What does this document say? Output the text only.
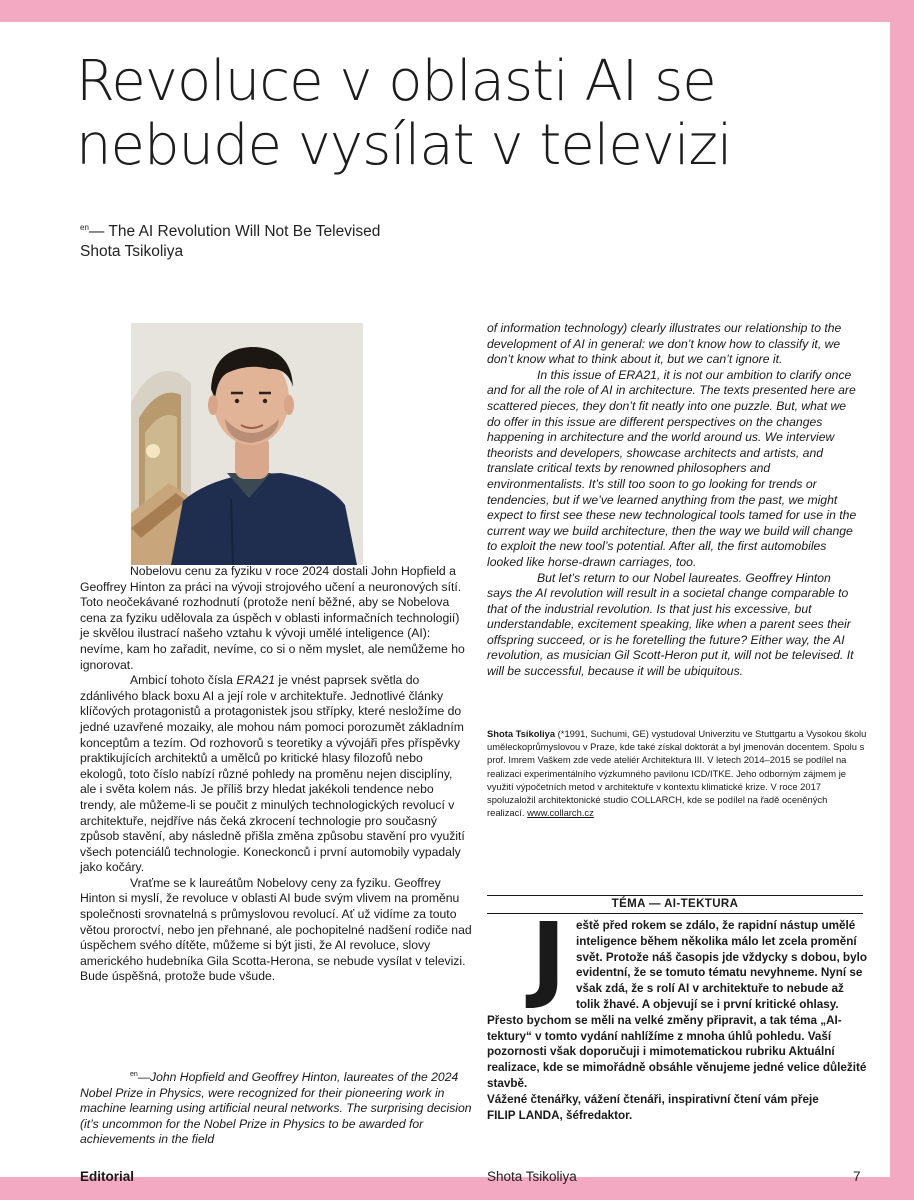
Revoluce v oblasti AI se
nebude vysílat v televizi
$^{en}$— The AI Revolution Will Not Be Televised
Shota Tsikoliya

Nobelovu cenu za fyziku v roce 2024 dostali John Hopfield a Geoffrey Hinton za práci na vývoji strojového učení a neuronových sítí. Toto neočekávané rozhodnutí (protože není běžné, aby se Nobelova cena za fyziku udělovala za úspěch v oblasti informačních technologií) je skvělou ilustrací našeho vztahu k vývoji umělé inteligence (AI): nevíme, kam ho zařadit, nevíme, co si o něm myslet, ale nemůžeme ho ignorovat.

Ambicí tohoto čísla ERA21 je vnést paprsek světla do zdánlivého black boxu AI a její role v architektuře. Jednotlivé články klíčových protagonistů a protagonistek jsou střípky, které nesložíme do jedné uzavřené mozaiky, ale mohou nám pomoci porozumět základním konceptům a tezím. Od rozhovorů s teoretiky a vývojáři přes příspěvky praktikujících architektů a umělců po kritické hlasy filozofů nebo ekologů, toto číslo nabízí různé pohledy na proměnu nejen disciplíny, ale i světa kolem nás. Je příliš brzy hledat jakékoli tendence nebo trendy, ale můžeme-li se poučit z minulých technologických revolucí v architektuře, nejdříve nás čeká zkrocení technologie pro současný způsob stavění, aby následně přišla změna způsobu stavění pro využití všech potenciálů technologie. Koneckonců i první automobily vypadaly jako kočáry.

Vraťme se k laureátům Nobelovy ceny za fyziku. Geoffrey Hinton si myslí, že revoluce v oblasti AI bude svým vlivem na proměnu společnosti srovnatelná s průmyslovou revolucí. Ať už vidíme za touto větou proroctví, nebo jen přehnané, ale pochopitelné nadšení rodiče nad úspěchem svého dítěte, můžeme si být jisti, že AI revoluce, slovy amerického hudebníka Gila Scotta-Herona, se nebude vysílat v televizi. Bude úspěšná, protože bude všude.

$^{en}$—John Hopfield and Geoffrey Hinton, laureates of the 2024 Nobel Prize in Physics, were recognized for their pioneering work in machine learning using artificial neural networks. The surprising decision (it’s uncommon for the Nobel Prize in Physics to be awarded for achievements in the field

of information technology) clearly illustrates our relationship to the development of AI in general: we don’t know how to classify it, we don’t know what to think about it, but we can’t ignore it.

In this issue of ERA21, it is not our ambition to clarify once and for all the role of AI in architecture. The texts presented here are scattered pieces, they don’t fit neatly into one puzzle. But, what we do offer in this issue are different perspectives on the changes happening in architecture and the world around us. We interview theorists and developers, showcase architects and artists, and translate critical texts by renowned philosophers and environmentalists. It’s still too soon to go looking for trends or tendencies, but if we’ve learned anything from the past, we might expect to first see these new technological tools tamed for use in the current way we build architecture, then the way we build will change to exploit the new tool’s potential. After all, the first automobiles looked like horse-drawn carriages, too.

But let’s return to our Nobel laureates. Geoffrey Hinton says the AI revolution will result in a societal change comparable to that of the industrial revolution. Is that just his excessive, but understandable, excitement speaking, like when a parent sees their offspring succeed, or is he foretelling the future? Either way, the AI revolution, as musician Gil Scott-Heron put it, will not be televised. It will be successful, because it will be ubiquitous.

Shota Tsikoliya (*1991, Suchumi, GE) vystudoval Univerzitu ve Stuttgartu a Vysokou školu uměleckoprůmyslovou v Praze, kde také získal doktorát a byl jmenován docentem. Spolu s prof. Imrem Vaškem zde vede ateliér Architektura III. V letech 2014–2015 se podílel na realizaci experimentálního výzkumného pavilonu ICD/ITKE. Jeho odborným zájmem je využití výpočetních metod v architektuře v kontextu klimatické krize. V roce 2017 spoluzaložil architektonické studio COLLARCH, kde se podílel na řadě oceněných realizací. www.collarch.cz
TÉMA — AI-TEKTURA
J eště před rokem se zdálo, že rapidní nástup umělé inteligence během několika málo let zcela promění svět. Protože náš časopis jde vždycky s dobou, bylo evidentní, že se tomuto tématu nevyhneme. Nyní se však zdá, že s rolí AI v architektuře to nebude až tolik žhavé. A objevují se i první kritické ohlasy. Přesto bychom se měli na velké změny připravit, a tak téma „AI-tektury“ v tomto vydání nahlížíme z mnoha úhlů pohledu. Vaší pozornosti však doporučuji i mimotematickou rubriku Aktuální realizace, kde se mimořádně obsáhle věnujeme jedné velice důležité stavbě.

Vážené čtenářky, vážení čtenáři, inspirativní čtení vám přeje

FILIP LANDA, šéfredaktor.

Editorial	Shota Tsikoliya	7
